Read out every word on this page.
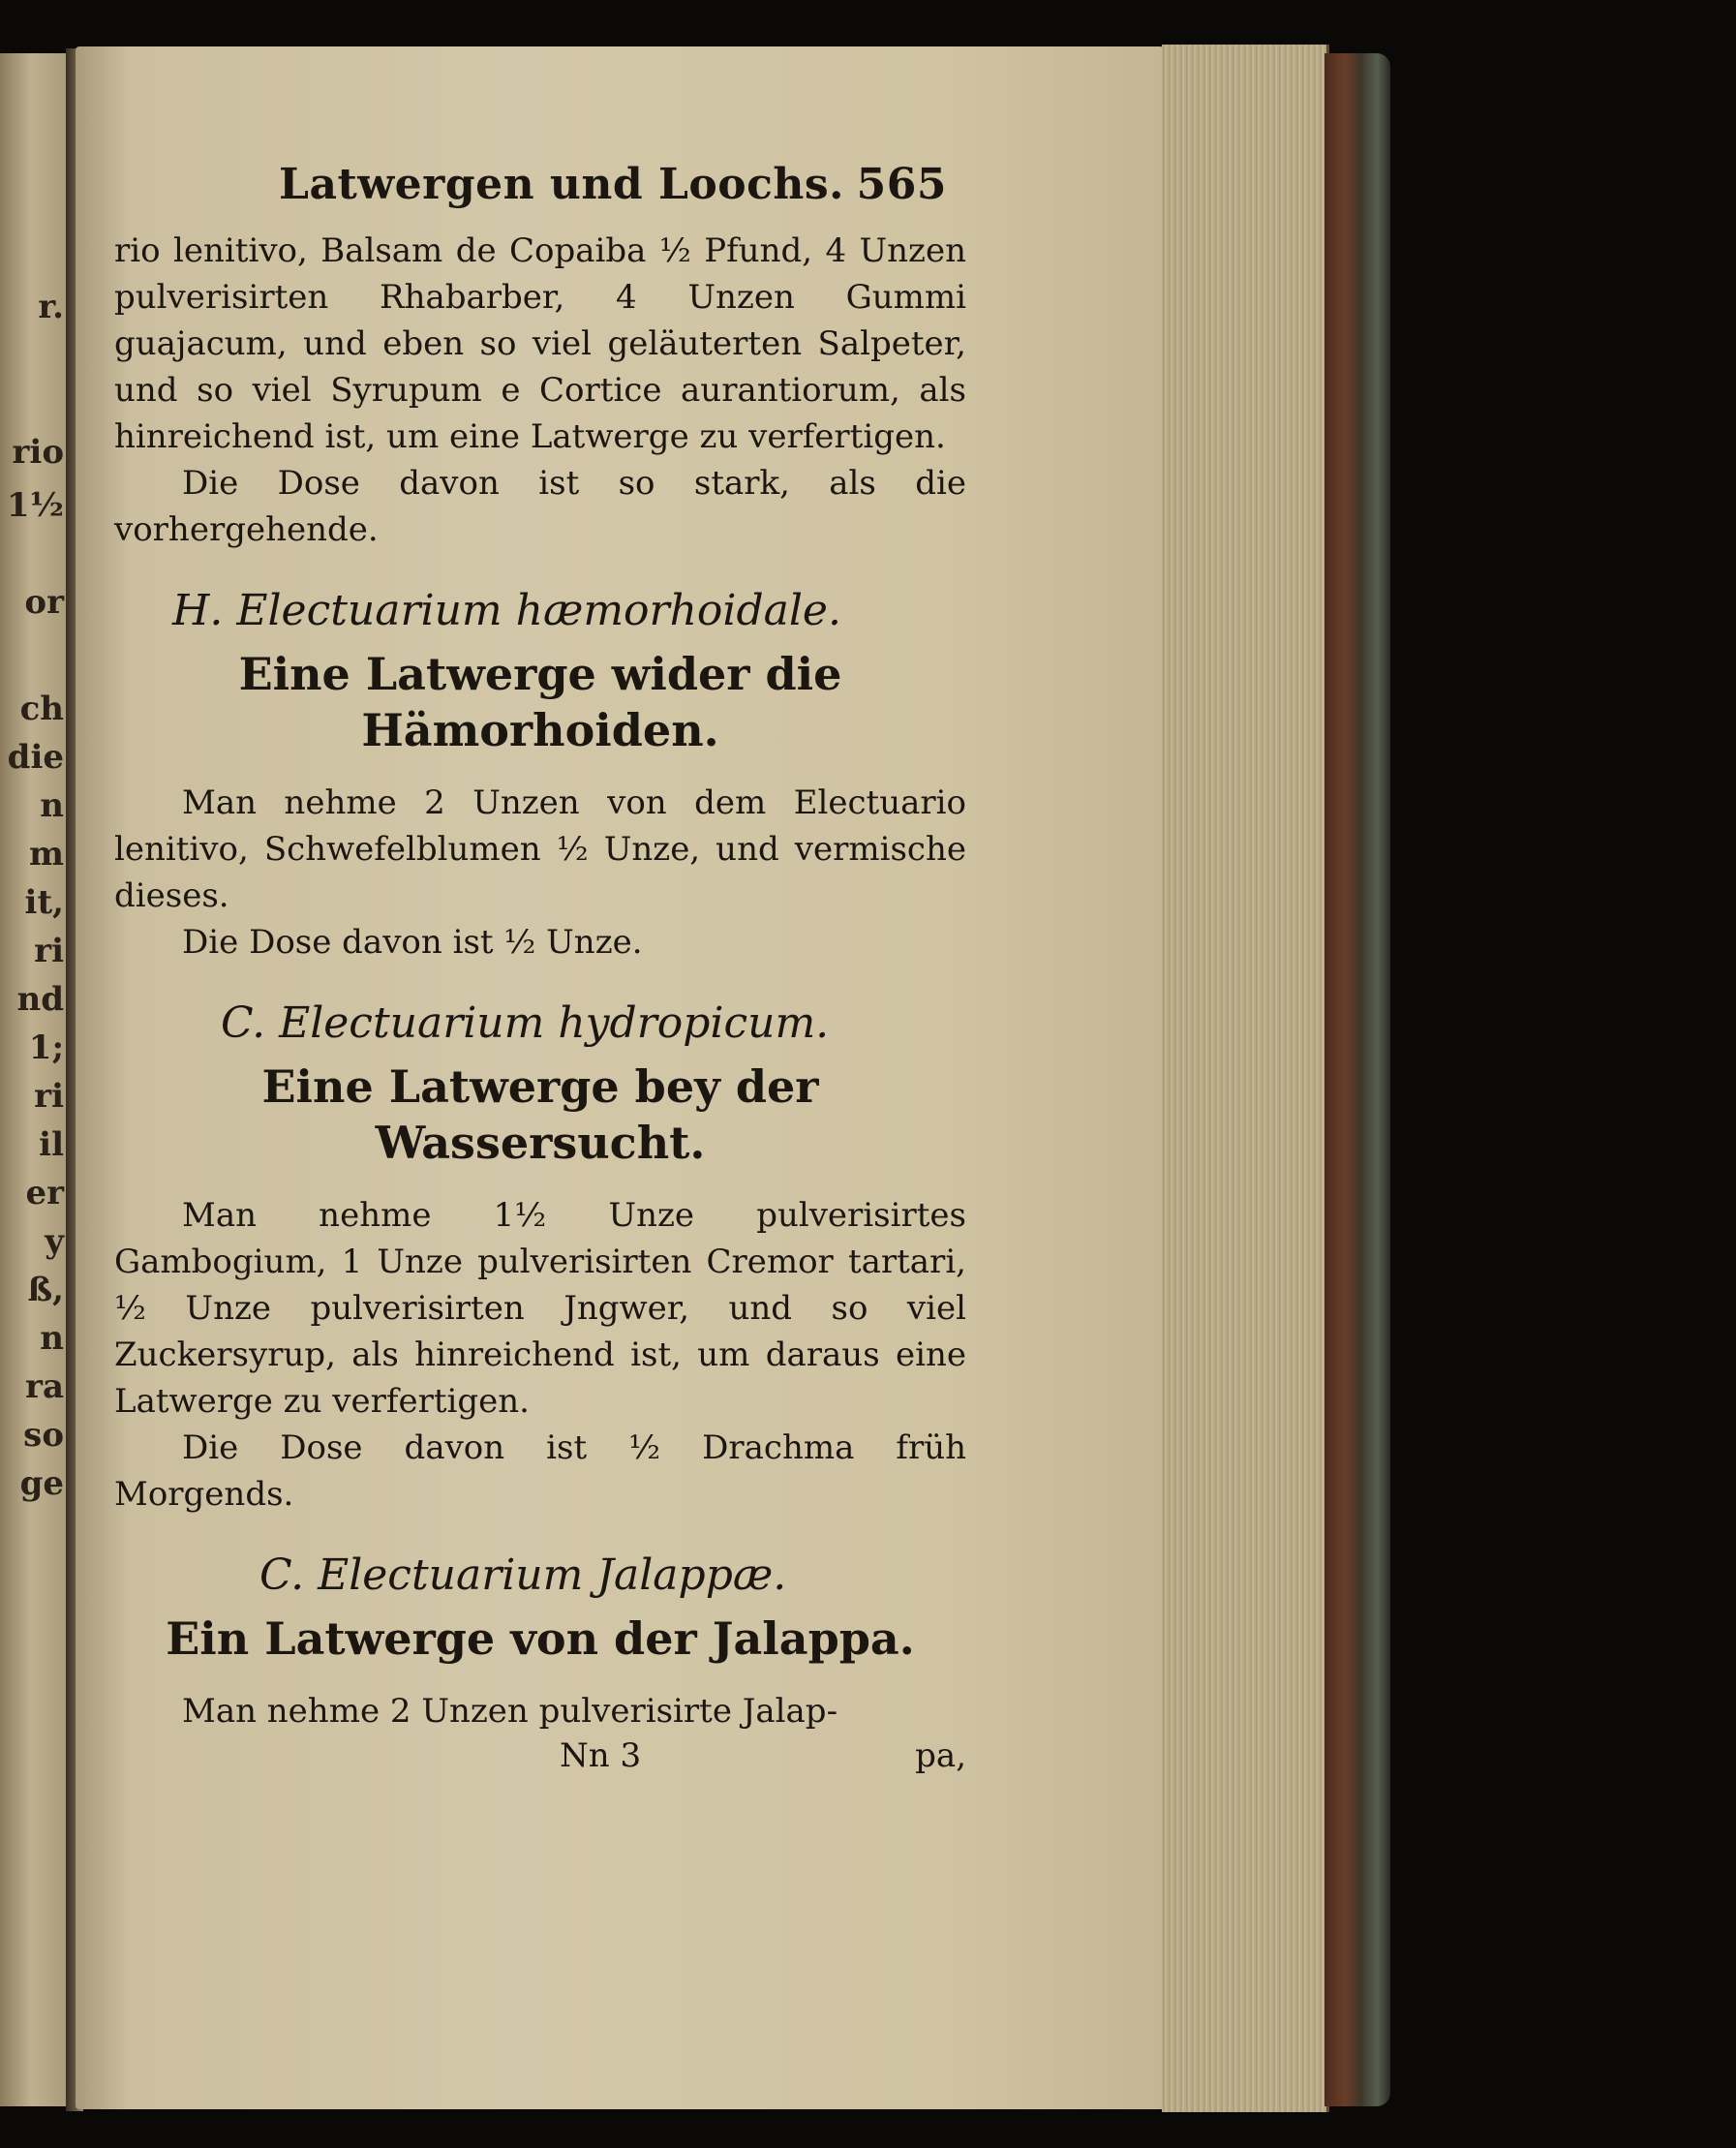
r.
rio
1½
or
ch
die
n
m
it,
ri
nd
1;
ri
il
er
y
ß,
n
ra
so
ge
Latwergen und Loochs. 565

rio lenitivo, Balsam de Copaiba ½ Pfund, 4 Unzen pulverisirten Rhabarber, 4 Unzen Gummi guajacum, und eben so viel geläuterten Salpeter, und so viel Syrupum e Cortice aurantiorum, als hinreichend ist, um eine Latwerge zu verfertigen.

Die Dose davon ist so stark, als die vorhergehende.

H. Electuarium hæmorhoidale.
Eine Latwerge wider die Hämorhoiden.

Man nehme 2 Unzen von dem Electuario lenitivo, Schwefelblumen ½ Unze, und vermische dieses.

Die Dose davon ist ½ Unze.

C. Electuarium hydropicum.
Eine Latwerge bey der Wassersucht.

Man nehme 1½ Unze pulverisirtes Gambogium, 1 Unze pulverisirten Cremor tartari, ½ Unze pulverisirten Jngwer, und so viel Zuckersyrup, als hinreichend ist, um daraus eine Latwerge zu verfertigen.

Die Dose davon ist ½ Drachma früh Morgends.

C. Electuarium Jalappæ.
Ein Latwerge von der Jalappa.

Man nehme 2 Unzen pulverisirte Jalap-

Nn 3	pa,
